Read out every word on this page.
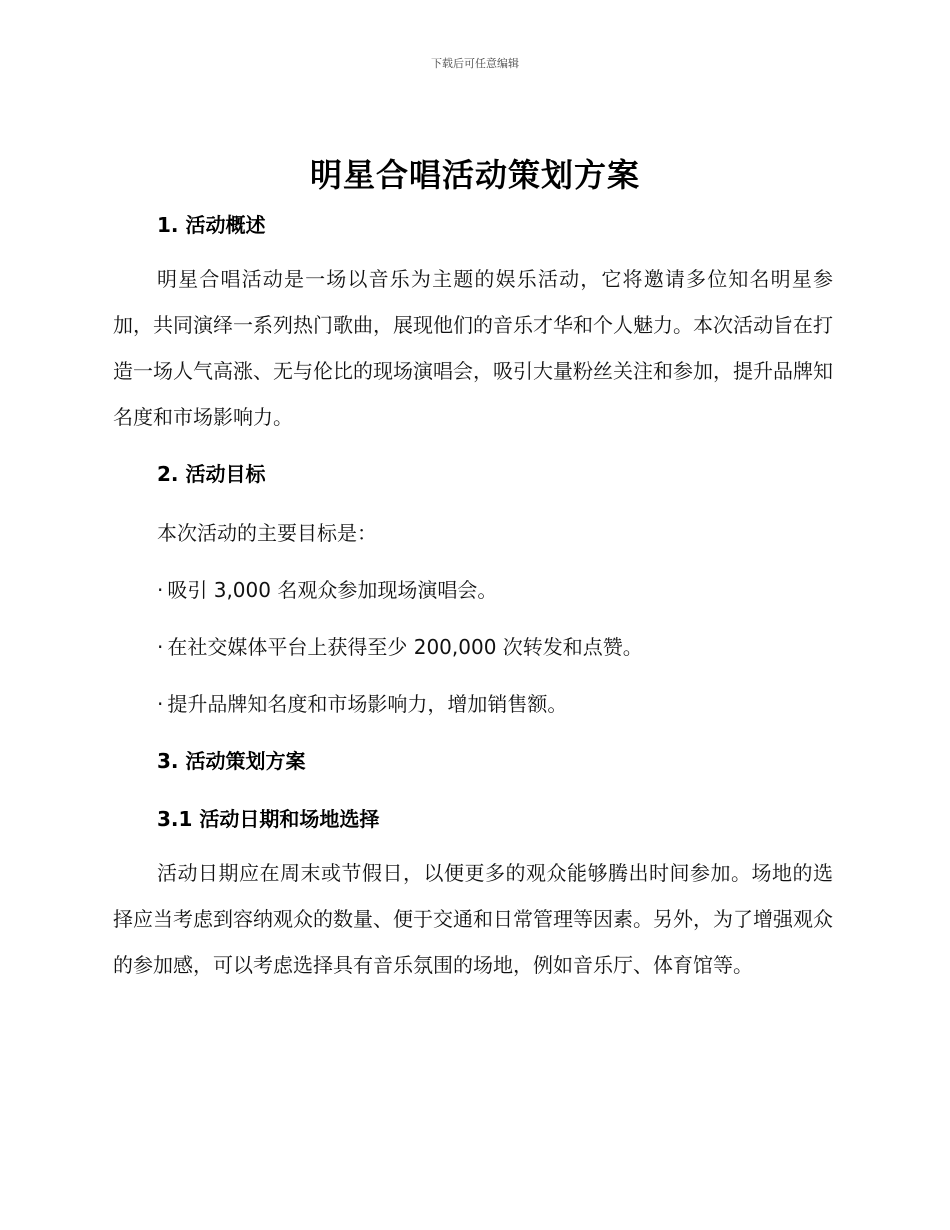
下载后可任意编辑
明星合唱活动策划方案
1. 活动概述

明星合唱活动是一场以音乐为主题的娱乐活动，它将邀请多位知名明星参加，共同演绎一系列热门歌曲，展现他们的音乐才华和个人魅力。本次活动旨在打造一场人气高涨、无与伦比的现场演唱会，吸引大量粉丝关注和参加，提升品牌知名度和市场影响力。

2. 活动目标
本次活动的主要目标是：
· 吸引 3,000 名观众参加现场演唱会。
· 在社交媒体平台上获得至少 200,000 次转发和点赞。
· 提升品牌知名度和市场影响力，增加销售额。
3. 活动策划方案
3.1 活动日期和场地选择

活动日期应在周末或节假日，以便更多的观众能够腾出时间参加。场地的选择应当考虑到容纳观众的数量、便于交通和日常管理等因素。另外，为了增强观众的参加感，可以考虑选择具有音乐氛围的场地，例如音乐厅、体育馆等。
